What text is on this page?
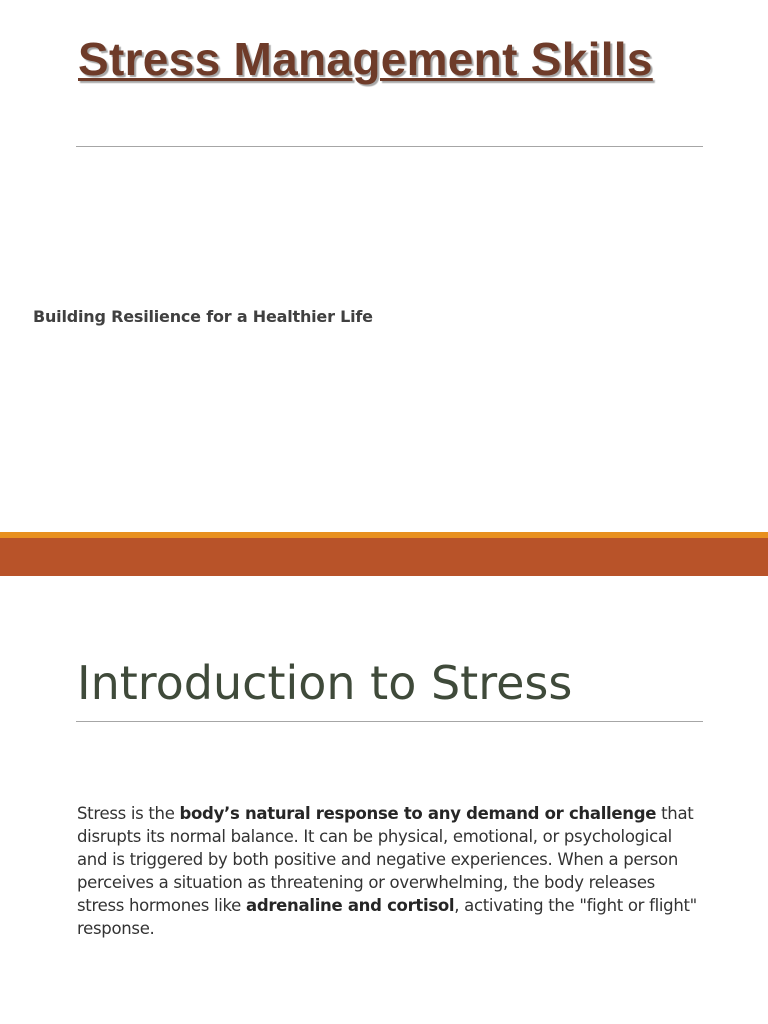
Stress Management Skills

Building Resilience for a Healthier Life

Introduction to Stress

Stress is the body’s natural response to any demand or challenge that disrupts its normal balance. It can be physical, emotional, or psychological and is triggered by both positive and negative experiences. When a person perceives a situation as threatening or overwhelming, the body releases stress hormones like adrenaline and cortisol, activating the "fight or flight" response.
